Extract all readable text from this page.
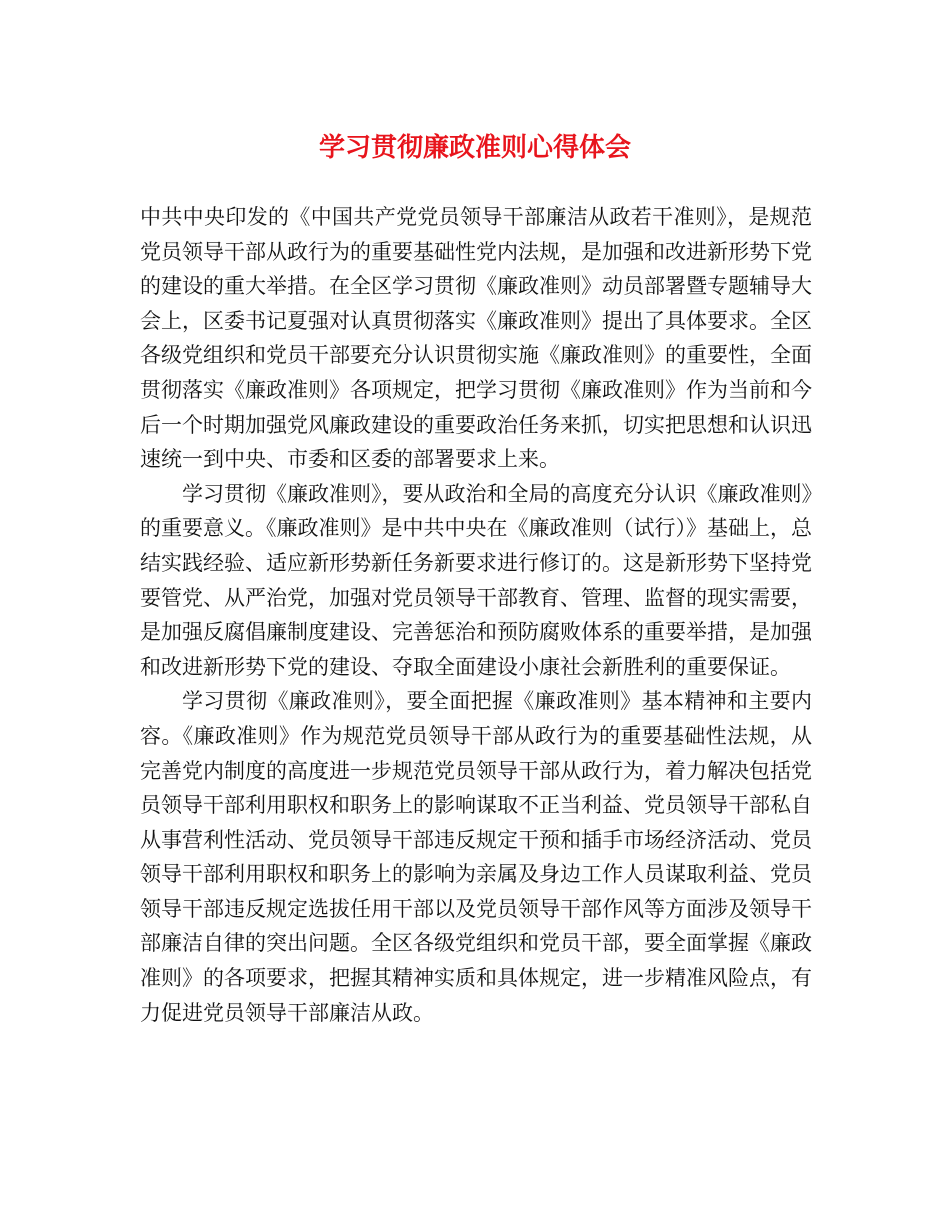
学习贯彻廉政准则心得体会

中共中央印发的《中国共产党党员领导干部廉洁从政若干准则》，是规范党员领导干部从政行为的重要基础性党内法规，是加强和改进新形势下党的建设的重大举措。在全区学习贯彻《廉政准则》动员部署暨专题辅导大会上，区委书记夏强对认真贯彻落实《廉政准则》提出了具体要求。全区各级党组织和党员干部要充分认识贯彻实施《廉政准则》的重要性，全面贯彻落实《廉政准则》各项规定，把学习贯彻《廉政准则》作为当前和今后一个时期加强党风廉政建设的重要政治任务来抓，切实把思想和认识迅速统一到中央、市委和区委的部署要求上来。

学习贯彻《廉政准则》，要从政治和全局的高度充分认识《廉政准则》的重要意义。《廉政准则》是中共中央在《廉政准则（试行）》基础上，总结实践经验、适应新形势新任务新要求进行修订的。这是新形势下坚持党要管党、从严治党，加强对党员领导干部教育、管理、监督的现实需要，是加强反腐倡廉制度建设、完善惩治和预防腐败体系的重要举措，是加强和改进新形势下党的建设、夺取全面建设小康社会新胜利的重要保证。

学习贯彻《廉政准则》，要全面把握《廉政准则》基本精神和主要内容。《廉政准则》作为规范党员领导干部从政行为的重要基础性法规，从完善党内制度的高度进一步规范党员领导干部从政行为，着力解决包括党员领导干部利用职权和职务上的影响谋取不正当利益、党员领导干部私自从事营利性活动、党员领导干部违反规定干预和插手市场经济活动、党员领导干部利用职权和职务上的影响为亲属及身边工作人员谋取利益、党员领导干部违反规定选拔任用干部以及党员领导干部作风等方面涉及领导干部廉洁自律的突出问题。全区各级党组织和党员干部，要全面掌握《廉政准则》的各项要求，把握其精神实质和具体规定，进一步精准风险点，有力促进党员领导干部廉洁从政。
